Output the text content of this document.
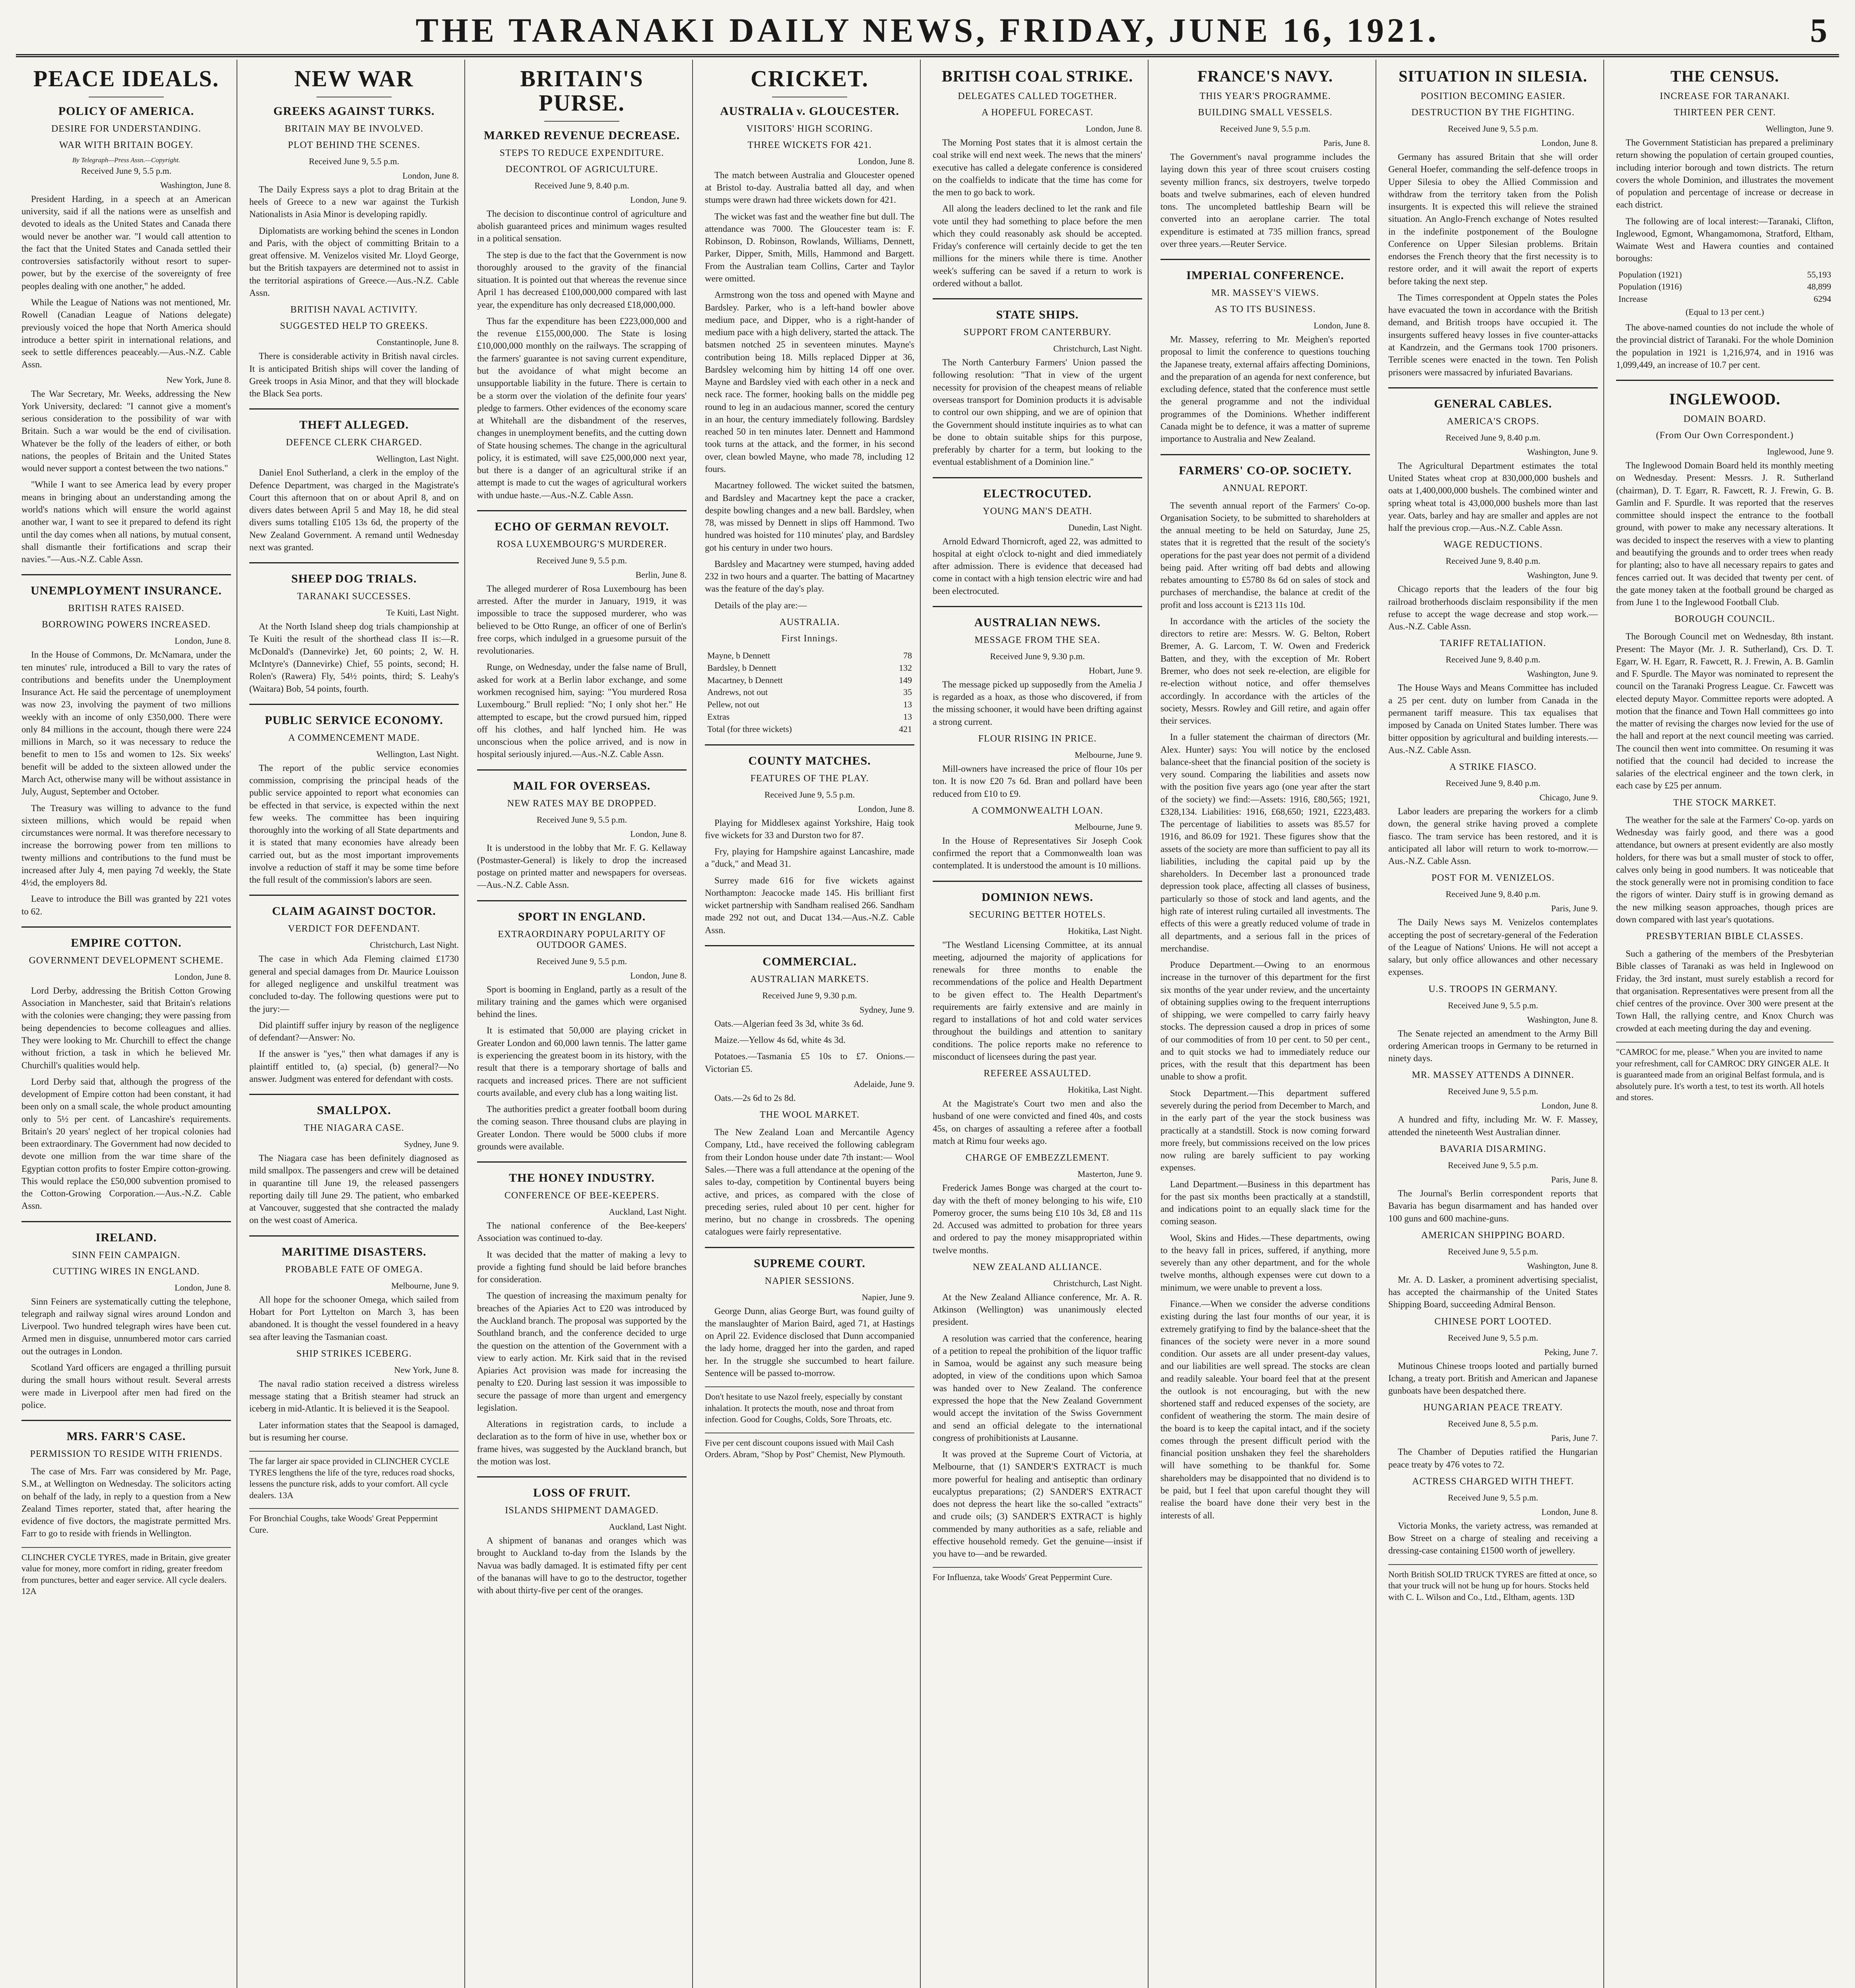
THE TARANAKI DAILY NEWS, FRIDAY, JUNE 16, 1921.	5
PEACE IDEALS.
POLICY OF AMERICA.
DESIRE FOR UNDERSTANDING.
WAR WITH BRITAIN BOGEY.
By Telegraph—Press Assn.—Copyright.
Received June 9, 5.5 p.m.
Washington, June 8.

President Harding, in a speech at an American university, said if all the nations were as unselfish and devoted to ideals as the United States and Canada there would never be another war. "I would call attention to the fact that the United States and Canada settled their controversies satisfactorily without resort to super-power, but by the exercise of the sovereignty of free peoples dealing with one another," he added.

While the League of Nations was not mentioned, Mr. Rowell (Canadian League of Nations delegate) previously voiced the hope that North America should introduce a better spirit in international relations, and seek to settle differences peaceably.—Aus.-N.Z. Cable Assn.

New York, June 8.

The War Secretary, Mr. Weeks, addressing the New York University, declared: "I cannot give a moment's serious consideration to the possibility of war with Britain. Such a war would be the end of civilisation. Whatever be the folly of the leaders of either, or both nations, the peoples of Britain and the United States would never support a contest between the two nations."

"While I want to see America lead by every proper means in bringing about an understanding among the world's nations which will ensure the world against another war, I want to see it prepared to defend its right until the day comes when all nations, by mutual consent, shall dismantle their fortifications and scrap their navies."—Aus.-N.Z. Cable Assn.

UNEMPLOYMENT INSURANCE.
BRITISH RATES RAISED.
BORROWING POWERS INCREASED.
London, June 8.

In the House of Commons, Dr. McNamara, under the ten minutes' rule, introduced a Bill to vary the rates of contributions and benefits under the Unemployment Insurance Act. He said the percentage of unemployment was now 23, involving the payment of two millions weekly with an income of only £350,000. There were only 84 millions in the account, though there were 224 millions in March, so it was necessary to reduce the benefit to men to 15s and women to 12s. Six weeks' benefit will be added to the sixteen allowed under the March Act, otherwise many will be without assistance in July, August, September and October.

The Treasury was willing to advance to the fund sixteen millions, which would be repaid when circumstances were normal. It was therefore necessary to increase the borrowing power from ten millions to twenty millions and contributions to the fund must be increased after July 4, men paying 7d weekly, the State 4½d, the employers 8d.

Leave to introduce the Bill was granted by 221 votes to 62.

EMPIRE COTTON.
GOVERNMENT DEVELOPMENT SCHEME.
London, June 8.

Lord Derby, addressing the British Cotton Growing Association in Manchester, said that Britain's relations with the colonies were changing; they were passing from being dependencies to become colleagues and allies. They were looking to Mr. Churchill to effect the change without friction, a task in which he believed Mr. Churchill's qualities would help.

Lord Derby said that, although the progress of the development of Empire cotton had been constant, it had been only on a small scale, the whole product amounting only to 5½ per cent. of Lancashire's requirements. Britain's 20 years' neglect of her tropical colonies had been extraordinary. The Government had now decided to devote one million from the war time share of the Egyptian cotton profits to foster Empire cotton-growing. This would replace the £50,000 subvention promised to the Cotton-Growing Corporation.—Aus.-N.Z. Cable Assn.

IRELAND.
SINN FEIN CAMPAIGN.
CUTTING WIRES IN ENGLAND.
London, June 8.

Sinn Feiners are systematically cutting the telephone, telegraph and railway signal wires around London and Liverpool. Two hundred telegraph wires have been cut. Armed men in disguise, unnumbered motor cars carried out the outrages in London.

Scotland Yard officers are engaged a thrilling pursuit during the small hours without result. Several arrests were made in Liverpool after men had fired on the police.

MRS. FARR'S CASE.
PERMISSION TO RESIDE WITH FRIENDS.

The case of Mrs. Farr was considered by Mr. Page, S.M., at Wellington on Wednesday. The solicitors acting on behalf of the lady, in reply to a question from a New Zealand Times reporter, stated that, after hearing the evidence of five doctors, the magistrate permitted Mrs. Farr to go to reside with friends in Wellington.

CLINCHER CYCLE TYRES, made in Britain, give greater value for money, more comfort in riding, greater freedom from punctures, better and eager service. All cycle dealers. 12A
NEW WAR
GREEKS AGAINST TURKS.
BRITAIN MAY BE INVOLVED.
PLOT BEHIND THE SCENES.
Received June 9, 5.5 p.m.
London, June 8.

The Daily Express says a plot to drag Britain at the heels of Greece to a new war against the Turkish Nationalists in Asia Minor is developing rapidly.

Diplomatists are working behind the scenes in London and Paris, with the object of committing Britain to a great offensive. M. Venizelos visited Mr. Lloyd George, but the British taxpayers are determined not to assist in the territorial aspirations of Greece.—Aus.-N.Z. Cable Assn.

BRITISH NAVAL ACTIVITY.
SUGGESTED HELP TO GREEKS.
Constantinople, June 8.

There is considerable activity in British naval circles. It is anticipated British ships will cover the landing of Greek troops in Asia Minor, and that they will blockade the Black Sea ports.

THEFT ALLEGED.
DEFENCE CLERK CHARGED.
Wellington, Last Night.

Daniel Enol Sutherland, a clerk in the employ of the Defence Department, was charged in the Magistrate's Court this afternoon that on or about April 8, and on divers dates between April 5 and May 18, he did steal divers sums totalling £105 13s 6d, the property of the New Zealand Government. A remand until Wednesday next was granted.

SHEEP DOG TRIALS.
TARANAKI SUCCESSES.
Te Kuiti, Last Night.

At the North Island sheep dog trials championship at Te Kuiti the result of the shorthead class II is:—R. McDonald's (Dannevirke) Jet, 60 points; 2, W. H. McIntyre's (Dannevirke) Chief, 55 points, second; H. Rolen's (Rawera) Fly, 54½ points, third; S. Leahy's (Waitara) Bob, 54 points, fourth.

PUBLIC SERVICE ECONOMY.
A COMMENCEMENT MADE.
Wellington, Last Night.

The report of the public service economies commission, comprising the principal heads of the public service appointed to report what economies can be effected in that service, is expected within the next few weeks. The committee has been inquiring thoroughly into the working of all State departments and it is stated that many economies have already been carried out, but as the most important improvements involve a reduction of staff it may be some time before the full result of the commission's labors are seen.

CLAIM AGAINST DOCTOR.
VERDICT FOR DEFENDANT.
Christchurch, Last Night.

The case in which Ada Fleming claimed £1730 general and special damages from Dr. Maurice Louisson for alleged negligence and unskilful treatment was concluded to-day. The following questions were put to the jury:—

Did plaintiff suffer injury by reason of the negligence of defendant?—Answer: No.

If the answer is "yes," then what damages if any is plaintiff entitled to, (a) special, (b) general?—No answer. Judgment was entered for defendant with costs.

SMALLPOX.
THE NIAGARA CASE.
Sydney, June 9.

The Niagara case has been definitely diagnosed as mild smallpox. The passengers and crew will be detained in quarantine till June 19, the released passengers reporting daily till June 29. The patient, who embarked at Vancouver, suggested that she contracted the malady on the west coast of America.

MARITIME DISASTERS.
PROBABLE FATE OF OMEGA.
Melbourne, June 9.

All hope for the schooner Omega, which sailed from Hobart for Port Lyttelton on March 3, has been abandoned. It is thought the vessel foundered in a heavy sea after leaving the Tasmanian coast.

SHIP STRIKES ICEBERG.
New York, June 8.

The naval radio station received a distress wireless message stating that a British steamer had struck an iceberg in mid-Atlantic. It is believed it is the Seapool.

Later information states that the Seapool is damaged, but is resuming her course.

The far larger air space provided in CLINCHER CYCLE TYRES lengthens the life of the tyre, reduces road shocks, lessens the puncture risk, adds to your comfort. All cycle dealers. 13A
For Bronchial Coughs, take Woods' Great Peppermint Cure.
BRITAIN'S PURSE.
MARKED REVENUE DECREASE.
STEPS TO REDUCE EXPENDITURE.
DECONTROL OF AGRICULTURE.
Received June 9, 8.40 p.m.
London, June 9.

The decision to discontinue control of agriculture and abolish guaranteed prices and minimum wages resulted in a political sensation.

The step is due to the fact that the Government is now thoroughly aroused to the gravity of the financial situation. It is pointed out that whereas the revenue since April 1 has decreased £100,000,000 compared with last year, the expenditure has only decreased £18,000,000.

Thus far the expenditure has been £223,000,000 and the revenue £155,000,000. The State is losing £10,000,000 monthly on the railways. The scrapping of the farmers' guarantee is not saving current expenditure, but the avoidance of what might become an unsupportable liability in the future. There is certain to be a storm over the violation of the definite four years' pledge to farmers. Other evidences of the economy scare at Whitehall are the disbandment of the reserves, changes in unemployment benefits, and the cutting down of State housing schemes. The change in the agricultural policy, it is estimated, will save £25,000,000 next year, but there is a danger of an agricultural strike if an attempt is made to cut the wages of agricultural workers with undue haste.—Aus.-N.Z. Cable Assn.

ECHO OF GERMAN REVOLT.
ROSA LUXEMBOURG'S MURDERER.
Received June 9, 5.5 p.m.
Berlin, June 8.

The alleged murderer of Rosa Luxembourg has been arrested. After the murder in January, 1919, it was impossible to trace the supposed murderer, who was believed to be Otto Runge, an officer of one of Berlin's free corps, which indulged in a gruesome pursuit of the revolutionaries.

Runge, on Wednesday, under the false name of Brull, asked for work at a Berlin labor exchange, and some workmen recognised him, saying: "You murdered Rosa Luxembourg." Brull replied: "No; I only shot her." He attempted to escape, but the crowd pursued him, ripped off his clothes, and half lynched him. He was unconscious when the police arrived, and is now in hospital seriously injured.—Aus.-N.Z. Cable Assn.

MAIL FOR OVERSEAS.
NEW RATES MAY BE DROPPED.
Received June 9, 5.5 p.m.
London, June 8.

It is understood in the lobby that Mr. F. G. Kellaway (Postmaster-General) is likely to drop the increased postage on printed matter and newspapers for overseas.—Aus.-N.Z. Cable Assn.

SPORT IN ENGLAND.
EXTRAORDINARY POPULARITY OF OUTDOOR GAMES.
Received June 9, 5.5 p.m.
London, June 8.

Sport is booming in England, partly as a result of the military training and the games which were organised behind the lines.

It is estimated that 50,000 are playing cricket in Greater London and 60,000 lawn tennis. The latter game is experiencing the greatest boom in its history, with the result that there is a temporary shortage of balls and racquets and increased prices. There are not sufficient courts available, and every club has a long waiting list.

The authorities predict a greater football boom during the coming season. Three thousand clubs are playing in Greater London. There would be 5000 clubs if more grounds were available.

THE HONEY INDUSTRY.
CONFERENCE OF BEE-KEEPERS.
Auckland, Last Night.

The national conference of the Bee-keepers' Association was continued to-day.

It was decided that the matter of making a levy to provide a fighting fund should be laid before branches for consideration.

The question of increasing the maximum penalty for breaches of the Apiaries Act to £20 was introduced by the Auckland branch. The proposal was supported by the Southland branch, and the conference decided to urge the question on the attention of the Government with a view to early action. Mr. Kirk said that in the revised Apiaries Act provision was made for increasing the penalty to £20. During last session it was impossible to secure the passage of more than urgent and emergency legislation.

Alterations in registration cards, to include a declaration as to the form of hive in use, whether box or frame hives, was suggested by the Auckland branch, but the motion was lost.

LOSS OF FRUIT.
ISLANDS SHIPMENT DAMAGED.
Auckland, Last Night.

A shipment of bananas and oranges which was brought to Auckland to-day from the Islands by the Navua was badly damaged. It is estimated fifty per cent of the bananas will have to go to the destructor, together with about thirty-five per cent of the oranges.

CRICKET.
AUSTRALIA v. GLOUCESTER.
VISITORS' HIGH SCORING.
THREE WICKETS FOR 421.
London, June 8.

The match between Australia and Gloucester opened at Bristol to-day. Australia batted all day, and when stumps were drawn had three wickets down for 421.

The wicket was fast and the weather fine but dull. The attendance was 7000. The Gloucester team is: F. Robinson, D. Robinson, Rowlands, Williams, Dennett, Parker, Dipper, Smith, Mills, Hammond and Bargett. From the Australian team Collins, Carter and Taylor were omitted.

Armstrong won the toss and opened with Mayne and Bardsley. Parker, who is a left-hand bowler above medium pace, and Dipper, who is a right-hander of medium pace with a high delivery, started the attack. The batsmen notched 25 in seventeen minutes. Mayne's contribution being 18. Mills replaced Dipper at 36, Bardsley welcoming him by hitting 14 off one over. Mayne and Bardsley vied with each other in a neck and neck race. The former, hooking balls on the middle peg round to leg in an audacious manner, scored the century in an hour, the century immediately following. Bardsley reached 50 in ten minutes later. Dennett and Hammond took turns at the attack, and the former, in his second over, clean bowled Mayne, who made 78, including 12 fours.

Macartney followed. The wicket suited the batsmen, and Bardsley and Macartney kept the pace a cracker, despite bowling changes and a new ball. Bardsley, when 78, was missed by Dennett in slips off Hammond. Two hundred was hoisted for 110 minutes' play, and Bardsley got his century in under two hours.

Bardsley and Macartney were stumped, having added 232 in two hours and a quarter. The batting of Macartney was the feature of the day's play.

Details of the play are:—

AUSTRALIA.
First Innings.
Mayne, b Dennett	78
Bardsley, b Dennett	132
Macartney, b Dennett	149
Andrews, not out	35
Pellew, not out	13
Extras	13
Total (for three wickets)	421
COUNTY MATCHES.
FEATURES OF THE PLAY.
Received June 9, 5.5 p.m.
London, June 8.

Playing for Middlesex against Yorkshire, Haig took five wickets for 33 and Durston two for 87.

Fry, playing for Hampshire against Lancashire, made a "duck," and Mead 31.

Surrey made 616 for five wickets against Northampton: Jeacocke made 145. His brilliant first wicket partnership with Sandham realised 266. Sandham made 292 not out, and Ducat 134.—Aus.-N.Z. Cable Assn.

COMMERCIAL.
AUSTRALIAN MARKETS.
Received June 9, 9.30 p.m.
Sydney, June 9.

Oats.—Algerian feed 3s 3d, white 3s 6d.

Maize.—Yellow 4s 6d, white 4s 3d.

Potatoes.—Tasmania £5 10s to £7. Onions.—Victorian £5.

Adelaide, June 9.

Oats.—2s 6d to 2s 8d.

THE WOOL MARKET.

The New Zealand Loan and Mercantile Agency Company, Ltd., have received the following cablegram from their London house under date 7th instant:— Wool Sales.—There was a full attendance at the opening of the sales to-day, competition by Continental buyers being active, and prices, as compared with the close of preceding series, ruled about 10 per cent. higher for merino, but no change in crossbreds. The opening catalogues were fairly representative.

SUPREME COURT.
NAPIER SESSIONS.
Napier, June 9.

George Dunn, alias George Burt, was found guilty of the manslaughter of Marion Baird, aged 71, at Hastings on April 22. Evidence disclosed that Dunn accompanied the lady home, dragged her into the garden, and raped her. In the struggle she succumbed to heart failure. Sentence will be passed to-morrow.

Don't hesitate to use Nazol freely, especially by constant inhalation. It protects the mouth, nose and throat from infection. Good for Coughs, Colds, Sore Throats, etc.
Five per cent discount coupons issued with Mail Cash Orders. Abram, "Shop by Post" Chemist, New Plymouth.
BRITISH COAL STRIKE.
DELEGATES CALLED TOGETHER.
A HOPEFUL FORECAST.
London, June 8.

The Morning Post states that it is almost certain the coal strike will end next week. The news that the miners' executive has called a delegate conference is considered on the coalfields to indicate that the time has come for the men to go back to work.

All along the leaders declined to let the rank and file vote until they had something to place before the men which they could reasonably ask should be accepted. Friday's conference will certainly decide to get the ten millions for the miners while there is time. Another week's suffering can be saved if a return to work is ordered without a ballot.

STATE SHIPS.
SUPPORT FROM CANTERBURY.
Christchurch, Last Night.

The North Canterbury Farmers' Union passed the following resolution: "That in view of the urgent necessity for provision of the cheapest means of reliable overseas transport for Dominion products it is advisable to control our own shipping, and we are of opinion that the Government should institute inquiries as to what can be done to obtain suitable ships for this purpose, preferably by charter for a term, but looking to the eventual establishment of a Dominion line."

ELECTROCUTED.
YOUNG MAN'S DEATH.
Dunedin, Last Night.

Arnold Edward Thornicroft, aged 22, was admitted to hospital at eight o'clock to-night and died immediately after admission. There is evidence that deceased had come in contact with a high tension electric wire and had been electrocuted.

AUSTRALIAN NEWS.
MESSAGE FROM THE SEA.
Received June 9, 9.30 p.m.
Hobart, June 9.

The message picked up supposedly from the Amelia J is regarded as a hoax, as those who discovered, if from the missing schooner, it would have been drifting against a strong current.

FLOUR RISING IN PRICE.
Melbourne, June 9.

Mill-owners have increased the price of flour 10s per ton. It is now £20 7s 6d. Bran and pollard have been reduced from £10 to £9.

A COMMONWEALTH LOAN.
Melbourne, June 9.

In the House of Representatives Sir Joseph Cook confirmed the report that a Commonwealth loan was contemplated. It is understood the amount is 10 millions.

DOMINION NEWS.
SECURING BETTER HOTELS.
Hokitika, Last Night.

"The Westland Licensing Committee, at its annual meeting, adjourned the majority of applications for renewals for three months to enable the recommendations of the police and Health Department to be given effect to. The Health Department's requirements are fairly extensive and are mainly in regard to installations of hot and cold water services throughout the buildings and attention to sanitary conditions. The police reports make no reference to misconduct of licensees during the past year.

REFEREE ASSAULTED.
Hokitika, Last Night.

At the Magistrate's Court two men and also the husband of one were convicted and fined 40s, and costs 45s, on charges of assaulting a referee after a football match at Rimu four weeks ago.

CHARGE OF EMBEZZLEMENT.
Masterton, June 9.

Frederick James Bonge was charged at the court to-day with the theft of money belonging to his wife, £10 Pomeroy grocer, the sums being £10 10s 3d, £8 and 11s 2d. Accused was admitted to probation for three years and ordered to pay the money misappropriated within twelve months.

NEW ZEALAND ALLIANCE.
Christchurch, Last Night.

At the New Zealand Alliance conference, Mr. A. R. Atkinson (Wellington) was unanimously elected president.

A resolution was carried that the conference, hearing of a petition to repeal the prohibition of the liquor traffic in Samoa, would be against any such measure being adopted, in view of the conditions upon which Samoa was handed over to New Zealand. The conference expressed the hope that the New Zealand Government would accept the invitation of the Swiss Government and send an official delegate to the international congress of prohibitionists at Lausanne.

It was proved at the Supreme Court of Victoria, at Melbourne, that (1) SANDER'S EXTRACT is much more powerful for healing and antiseptic than ordinary eucalyptus preparations; (2) SANDER'S EXTRACT does not depress the heart like the so-called "extracts" and crude oils; (3) SANDER'S EXTRACT is highly commended by many authorities as a safe, reliable and effective household remedy. Get the genuine—insist if you have to—and be rewarded.

For Influenza, take Woods' Great Peppermint Cure.
FRANCE'S NAVY.
THIS YEAR'S PROGRAMME.
BUILDING SMALL VESSELS.
Received June 9, 5.5 p.m.
Paris, June 8.

The Government's naval programme includes the laying down this year of three scout cruisers costing seventy million francs, six destroyers, twelve torpedo boats and twelve submarines, each of eleven hundred tons. The uncompleted battleship Bearn will be converted into an aeroplane carrier. The total expenditure is estimated at 735 million francs, spread over three years.—Reuter Service.

IMPERIAL CONFERENCE.
MR. MASSEY'S VIEWS.
AS TO ITS BUSINESS.
London, June 8.

Mr. Massey, referring to Mr. Meighen's reported proposal to limit the conference to questions touching the Japanese treaty, external affairs affecting Dominions, and the preparation of an agenda for next conference, but excluding defence, stated that the conference must settle the general programme and not the individual programmes of the Dominions. Whether indifferent Canada might be to defence, it was a matter of supreme importance to Australia and New Zealand.

FARMERS' CO-OP. SOCIETY.
ANNUAL REPORT.

The seventh annual report of the Farmers' Co-op. Organisation Society, to be submitted to shareholders at the annual meeting to be held on Saturday, June 25, states that it is regretted that the result of the society's operations for the past year does not permit of a dividend being paid. After writing off bad debts and allowing rebates amounting to £5780 8s 6d on sales of stock and purchases of merchandise, the balance at credit of the profit and loss account is £213 11s 10d.

In accordance with the articles of the society the directors to retire are: Messrs. W. G. Belton, Robert Bremer, A. G. Larcom, T. W. Owen and Frederick Batten, and they, with the exception of Mr. Robert Bremer, who does not seek re-election, are eligible for re-election without notice, and offer themselves accordingly. In accordance with the articles of the society, Messrs. Rowley and Gill retire, and again offer their services.

In a fuller statement the chairman of directors (Mr. Alex. Hunter) says: You will notice by the enclosed balance-sheet that the financial position of the society is very sound. Comparing the liabilities and assets now with the position five years ago (one year after the start of the society) we find:—Assets: 1916, £80,565; 1921, £328,134. Liabilities: 1916, £68,650; 1921, £223,483. The percentage of liabilities to assets was 85.57 for 1916, and 86.09 for 1921. These figures show that the assets of the society are more than sufficient to pay all its liabilities, including the capital paid up by the shareholders. In December last a pronounced trade depression took place, affecting all classes of business, particularly so those of stock and land agents, and the high rate of interest ruling curtailed all investments. The effects of this were a greatly reduced volume of trade in all departments, and a serious fall in the prices of merchandise.

Produce Department.—Owing to an enormous increase in the turnover of this department for the first six months of the year under review, and the uncertainty of obtaining supplies owing to the frequent interruptions of shipping, we were compelled to carry fairly heavy stocks. The depression caused a drop in prices of some of our commodities of from 10 per cent. to 50 per cent., and to quit stocks we had to immediately reduce our prices, with the result that this department has been unable to show a profit.

Stock Department.—This department suffered severely during the period from December to March, and in the early part of the year the stock business was practically at a standstill. Stock is now coming forward more freely, but commissions received on the low prices now ruling are barely sufficient to pay working expenses.

Land Department.—Business in this department has for the past six months been practically at a standstill, and indications point to an equally slack time for the coming season.

Wool, Skins and Hides.—These departments, owing to the heavy fall in prices, suffered, if anything, more severely than any other department, and for the whole twelve months, although expenses were cut down to a minimum, we were unable to prevent a loss.

Finance.—When we consider the adverse conditions existing during the last four months of our year, it is extremely gratifying to find by the balance-sheet that the finances of the society were never in a more sound condition. Our assets are all under present-day values, and our liabilities are well spread. The stocks are clean and readily saleable. Your board feel that at the present the outlook is not encouraging, but with the new shortened staff and reduced expenses of the society, are confident of weathering the storm. The main desire of the board is to keep the capital intact, and if the society comes through the present difficult period with the financial position unshaken they feel the shareholders will have something to be thankful for. Some shareholders may be disappointed that no dividend is to be paid, but I feel that upon careful thought they will realise the board have done their very best in the interests of all.

SITUATION IN SILESIA.
POSITION BECOMING EASIER.
DESTRUCTION BY THE FIGHTING.
Received June 9, 5.5 p.m.
London, June 8.

Germany has assured Britain that she will order General Hoefer, commanding the self-defence troops in Upper Silesia to obey the Allied Commission and withdraw from the territory taken from the Polish insurgents. It is expected this will relieve the strained situation. An Anglo-French exchange of Notes resulted in the indefinite postponement of the Boulogne Conference on Upper Silesian problems. Britain endorses the French theory that the first necessity is to restore order, and it will await the report of experts before taking the next step.

The Times correspondent at Oppeln states the Poles have evacuated the town in accordance with the British demand, and British troops have occupied it. The insurgents suffered heavy losses in five counter-attacks at Kandrzein, and the Germans took 1700 prisoners. Terrible scenes were enacted in the town. Ten Polish prisoners were massacred by infuriated Bavarians.

GENERAL CABLES.
AMERICA'S CROPS.
Received June 9, 8.40 p.m.
Washington, June 9.

The Agricultural Department estimates the total United States wheat crop at 830,000,000 bushels and oats at 1,400,000,000 bushels. The combined winter and spring wheat total is 43,000,000 bushels more than last year. Oats, barley and hay are smaller and apples are not half the previous crop.—Aus.-N.Z. Cable Assn.

WAGE REDUCTIONS.
Received June 9, 8.40 p.m.
Washington, June 9.

Chicago reports that the leaders of the four big railroad brotherhoods disclaim responsibility if the men refuse to accept the wage decrease and stop work.—Aus.-N.Z. Cable Assn.

TARIFF RETALIATION.
Received June 9, 8.40 p.m.
Washington, June 9.

The House Ways and Means Committee has included a 25 per cent. duty on lumber from Canada in the permanent tariff measure. This tax equalises that imposed by Canada on United States lumber. There was bitter opposition by agricultural and building interests.—Aus.-N.Z. Cable Assn.

A STRIKE FIASCO.
Received June 9, 8.40 p.m.
Chicago, June 9.

Labor leaders are preparing the workers for a climb down, the general strike having proved a complete fiasco. The tram service has been restored, and it is anticipated all labor will return to work to-morrow.—Aus.-N.Z. Cable Assn.

POST FOR M. VENIZELOS.
Received June 9, 8.40 p.m.
Paris, June 9.

The Daily News says M. Venizelos contemplates accepting the post of secretary-general of the Federation of the League of Nations' Unions. He will not accept a salary, but only office allowances and other necessary expenses.

U.S. TROOPS IN GERMANY.
Received June 9, 5.5 p.m.
Washington, June 8.

The Senate rejected an amendment to the Army Bill ordering American troops in Germany to be returned in ninety days.

MR. MASSEY ATTENDS A DINNER.
Received June 9, 5.5 p.m.
London, June 8.

A hundred and fifty, including Mr. W. F. Massey, attended the nineteenth West Australian dinner.

BAVARIA DISARMING.
Received June 9, 5.5 p.m.
Paris, June 8.

The Journal's Berlin correspondent reports that Bavaria has begun disarmament and has handed over 100 guns and 600 machine-guns.

AMERICAN SHIPPING BOARD.
Received June 9, 5.5 p.m.
Washington, June 8.

Mr. A. D. Lasker, a prominent advertising specialist, has accepted the chairmanship of the United States Shipping Board, succeeding Admiral Benson.

CHINESE PORT LOOTED.
Received June 9, 5.5 p.m.
Peking, June 7.

Mutinous Chinese troops looted and partially burned Ichang, a treaty port. British and American and Japanese gunboats have been despatched there.

HUNGARIAN PEACE TREATY.
Received June 8, 5.5 p.m.
Paris, June 7.

The Chamber of Deputies ratified the Hungarian peace treaty by 476 votes to 72.

ACTRESS CHARGED WITH THEFT.
Received June 9, 5.5 p.m.
London, June 8.

Victoria Monks, the variety actress, was remanded at Bow Street on a charge of stealing and receiving a dressing-case containing £1500 worth of jewellery.

North British SOLID TRUCK TYRES are fitted at once, so that your truck will not be hung up for hours. Stocks held with C. L. Wilson and Co., Ltd., Eltham, agents. 13D
THE CENSUS.
INCREASE FOR TARANAKI.
THIRTEEN PER CENT.
Wellington, June 9.

The Government Statistician has prepared a preliminary return showing the population of certain grouped counties, including interior borough and town districts. The return covers the whole Dominion, and illustrates the movement of population and percentage of increase or decrease in each district.

The following are of local interest:—Taranaki, Clifton, Inglewood, Egmont, Whangamomona, Stratford, Eltham, Waimate West and Hawera counties and contained boroughs:

Population (1921)	55,193
Population (1916)	48,899
Increase	6294
(Equal to 13 per cent.)

The above-named counties do not include the whole of the provincial district of Taranaki. For the whole Dominion the population in 1921 is 1,216,974, and in 1916 was 1,099,449, an increase of 10.7 per cent.

INGLEWOOD.
DOMAIN BOARD.
(From Our Own Correspondent.)
Inglewood, June 9.

The Inglewood Domain Board held its monthly meeting on Wednesday. Present: Messrs. J. R. Sutherland (chairman), D. T. Egarr, R. Fawcett, R. J. Frewin, G. B. Gamlin and F. Spurdle. It was reported that the reserves committee should inspect the entrance to the football ground, with power to make any necessary alterations. It was decided to inspect the reserves with a view to planting and beautifying the grounds and to order trees when ready for planting; also to have all necessary repairs to gates and fences carried out. It was decided that twenty per cent. of the gate money taken at the football ground be charged as from June 1 to the Inglewood Football Club.

BOROUGH COUNCIL.

The Borough Council met on Wednesday, 8th instant. Present: The Mayor (Mr. J. R. Sutherland), Crs. D. T. Egarr, W. H. Egarr, R. Fawcett, R. J. Frewin, A. B. Gamlin and F. Spurdle. The Mayor was nominated to represent the council on the Taranaki Progress League. Cr. Fawcett was elected deputy Mayor. Committee reports were adopted. A motion that the finance and Town Hall committees go into the matter of revising the charges now levied for the use of the hall and report at the next council meeting was carried. The council then went into committee. On resuming it was notified that the council had decided to increase the salaries of the electrical engineer and the town clerk, in each case by £25 per annum.

THE STOCK MARKET.

The weather for the sale at the Farmers' Co-op. yards on Wednesday was fairly good, and there was a good attendance, but owners at present evidently are also mostly holders, for there was but a small muster of stock to offer, calves only being in good numbers. It was noticeable that the stock generally were not in promising condition to face the rigors of winter. Dairy stuff is in growing demand as the new milking season approaches, though prices are down compared with last year's quotations.

PRESBYTERIAN BIBLE CLASSES.

Such a gathering of the members of the Presbyterian Bible classes of Taranaki as was held in Inglewood on Friday, the 3rd instant, must surely establish a record for that organisation. Representatives were present from all the chief centres of the province. Over 300 were present at the Town Hall, the rallying centre, and Knox Church was crowded at each meeting during the day and evening.

"CAMROC for me, please." When you are invited to name your refreshment, call for CAMROC DRY GINGER ALE. It is guaranteed made from an original Belfast formula, and is absolutely pure. It's worth a test, to test its worth. All hotels and stores.
